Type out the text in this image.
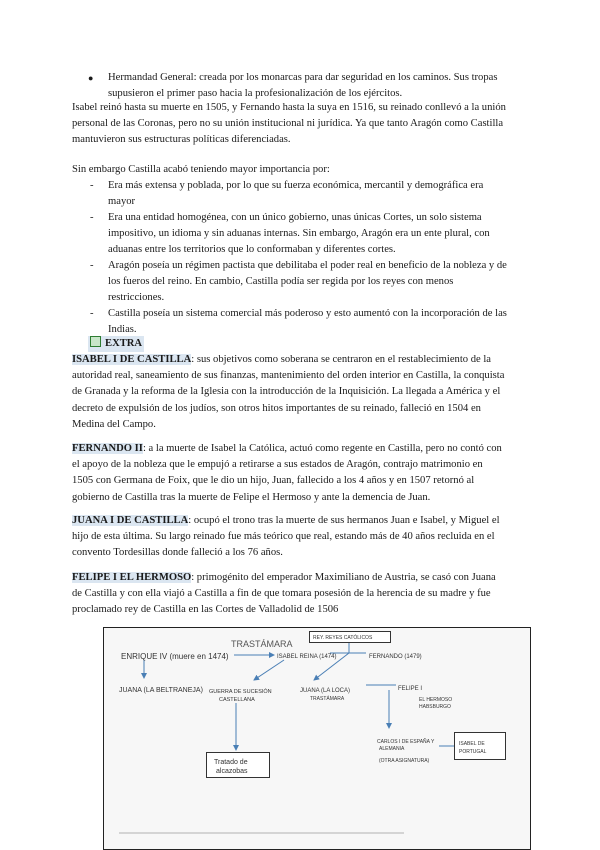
● Hermandad General: creada por los monarcas para dar seguridad en los caminos. Sus tropas
supusieron el primer paso hacia la profesionalización de los ejércitos.
Isabel reinó hasta su muerte en 1505, y Fernando hasta la suya en 1516, su reinado conllevó a la unión
personal de las Coronas, pero no su unión institucional ni jurídica. Ya que tanto Aragón como Castilla
mantuvieron sus estructuras políticas diferenciadas.
Sin embargo Castilla acabó teniendo mayor importancia por:
- Era más extensa y poblada, por lo que su fuerza económica, mercantil y demográfica era
mayor
- Era una entidad homogénea, con un único gobierno, unas únicas Cortes, un solo sistema
impositivo, un idioma y sin aduanas internas. Sin embargo, Aragón era un ente plural, con
aduanas entre los territorios que lo conformaban y diferentes cortes.
- Aragón poseía un régimen pactista que debilitaba el poder real en beneficio de la nobleza y de
los fueros del reino. En cambio, Castilla podía ser regida por los reyes con menos
restricciones.
- Castilla poseía un sistema comercial más poderoso y esto aumentó con la incorporación de las
Indias.
EXTRA
ISABEL I DE CASTILLA: sus objetivos como soberana se centraron en el restablecimiento de la
autoridad real, saneamiento de sus finanzas, mantenimiento del orden interior en Castilla, la conquista
de Granada y la reforma de la Iglesia con la introducción de la Inquisición. La llegada a América y el
decreto de expulsión de los judíos, son otros hitos importantes de su reinado, falleció en 1504 en
Medina del Campo.
FERNANDO II: a la muerte de Isabel la Católica, actuó como regente en Castilla, pero no contó con
el apoyo de la nobleza que le empujó a retirarse a sus estados de Aragón, contrajo matrimonio en
1505 con Germana de Foix, que le dio un hijo, Juan, fallecido a los 4 años y en 1507 retornó al
gobierno de Castilla tras la muerte de Felipe el Hermoso y ante la demencia de Juan.
JUANA I DE CASTILLA: ocupó el trono tras la muerte de sus hermanos Juan e Isabel, y Miguel el
hijo de esta última. Su largo reinado fue más teórico que real, estando más de 40 años recluida en el
convento Tordesillas donde falleció a los 76 años.
FELIPE I EL HERMOSO: primogénito del emperador Maximiliano de Austria, se casó con Juana
de Castilla y con ella viajó a Castilla a fin de que tomara posesión de la herencia de su madre y fue
proclamado rey de Castilla en las Cortes de Valladolid de 1506
TRASTÁMARA
REY. REYES CATÓLICOS
ENRIQUE IV (muere en 1474)	ISABEL REINA (1474)	FERNANDO (1479)
JUANA (LA BELTRANEJA) GUERRA DE SUCESIÓN
CASTELLANA
JUANA (LA LOCA)
TRASTÁMARA
FELIPE I
EL HERMOSO
HABSBURGO
Tratado de
alcazobas
CARLOS I DE ESPAÑA Y
ALEMANIA
(OTRA ASIGNATURA)
ISABEL DE
PORTUGAL
